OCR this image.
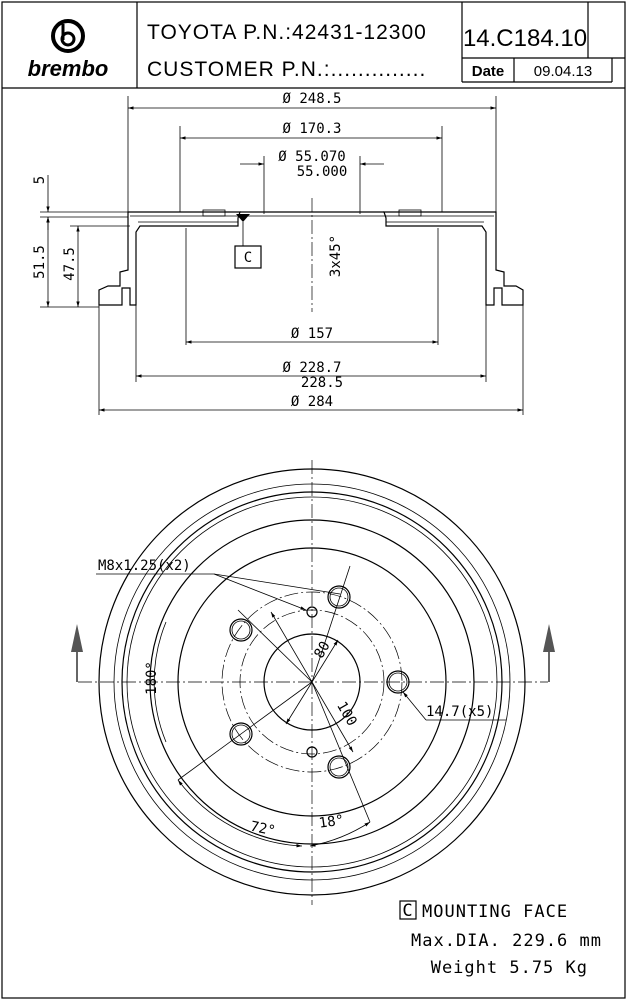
brembo
TOYOTA P.N.:42431-12300
CUSTOMER P.N.:..............
14.C184.10
Date 09.04.13
C
Ø 248.5
Ø 170.3
Ø 55.070
55.000
5
51.5 47.5	3x45°
Ø 157
Ø 228.7
228.5
Ø 284
M8x1.25(x2)
14.7(x5)
80
100
180°
72°	18°
C MOUNTING FACE
Max.DIA. 229.6 mm
Weight 5.75 Kg
